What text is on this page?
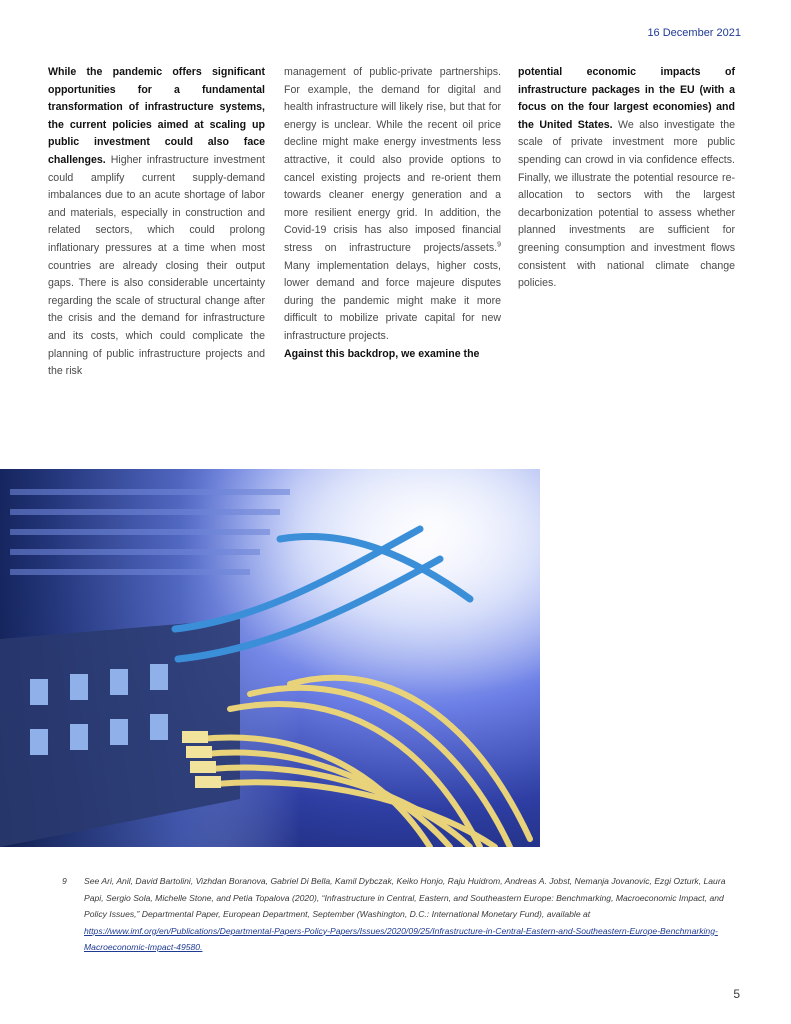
16 December 2021

While the pandemic offers significant opportunities for a fundamental transformation of infrastructure systems, the current policies aimed at scaling up public investment could also face challenges. Higher infrastructure investment could amplify current supply-demand imbalances due to an acute shortage of labor and materials, especially in construction and related sectors, which could prolong inflationary pressures at a time when most countries are already closing their output gaps. There is also considerable uncertainty regarding the scale of structural change after the crisis and the demand for infrastructure and its costs, which could complicate the planning of public infrastructure projects and the risk

management of public-private partnerships. For example, the demand for digital and health infrastructure will likely rise, but that for energy is unclear. While the recent oil price decline might make energy investments less attractive, it could also provide options to cancel existing projects and re-orient them towards cleaner energy generation and a more resilient energy grid. In addition, the Covid-19 crisis has also imposed financial stress on infrastructure projects/assets.$^9$ Many implementation delays, higher costs, lower demand and force majeure disputes during the pandemic might make it more difficult to mobilize private capital for new infrastructure projects.

Against this backdrop, we examine the

potential economic impacts of infrastructure packages in the EU (with a focus on the four largest economies) and the United States. We also investigate the scale of private investment more public spending can crowd in via confidence effects. Finally, we illustrate the potential resource re-allocation to sectors with the largest decarbonization potential to assess whether planned investments are sufficient for greening consumption and investment flows consistent with national climate change policies.

9 See Ari, Anil, David Bartolini, Vizhdan Boranova, Gabriel Di Bella, Kamil Dybczak, Keiko Honjo, Raju Huidrom, Andreas A. Jobst, Nemanja Jovanovic, Ezgi Ozturk, Laura Papi, Sergio Sola, Michelle Stone, and Petia Topalova (2020), “Infrastructure in Central, Eastern, and Southeastern Europe: Benchmarking, Macroeconomic Impact, and Policy Issues,” Departmental Paper, European Department, September (Washington, D.C.: International Monetary Fund), available at https://www.imf.org/en/Publications/Departmental-Papers-Policy-Papers/Issues/2020/09/25/Infrastructure-in-Central-Eastern-and-Southeastern-Europe-Benchmarking-Macroeconomic-Impact-49580.
5
